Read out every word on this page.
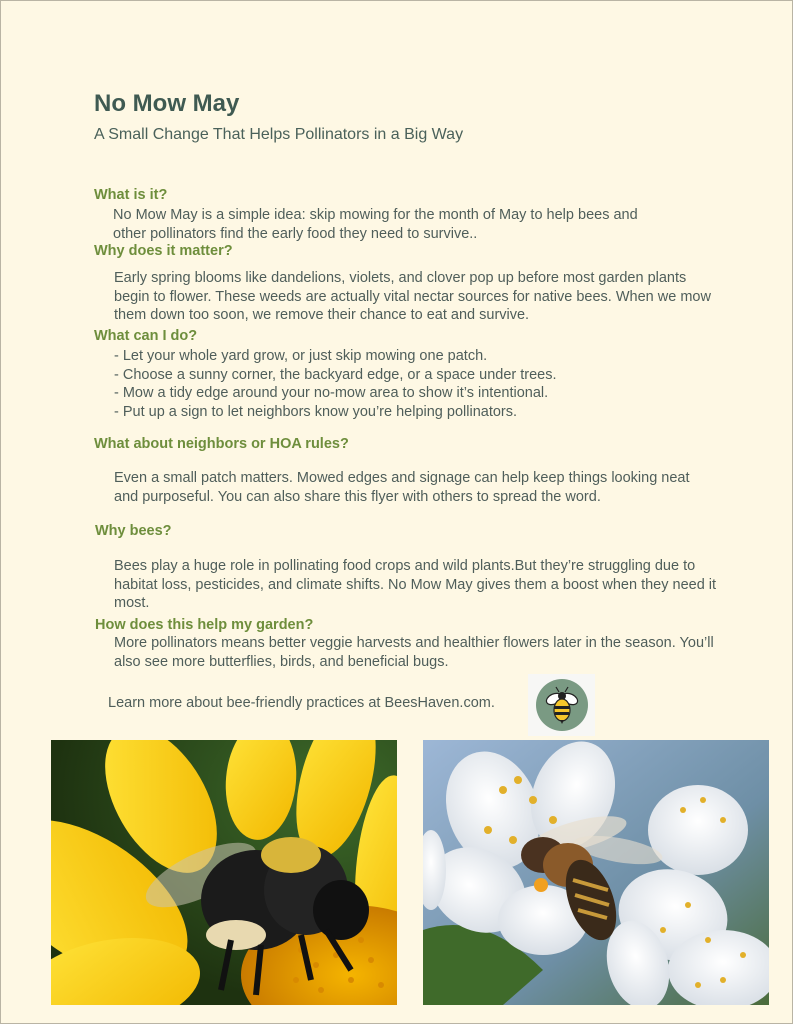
No Mow May

A Small Change That Helps Pollinators in a Big Way

What is it?
No Mow May is a simple idea: skip mowing for the month of May to help bees and
other pollinators find the early food they need to survive..
Why does it matter?
Early spring blooms like dandelions, violets, and clover pop up before most garden plants
begin to flower. These weeds are actually vital nectar sources for native bees. When we mow
them down too soon, we remove their chance to eat and survive.
What can I do?
- Let your whole yard grow, or just skip mowing one patch.
- Choose a sunny corner, the backyard edge, or a space under trees.
- Mow a tidy edge around your no-mow area to show it’s intentional.
- Put up a sign to let neighbors know you’re helping pollinators.
What about neighbors or HOA rules?
Even a small patch matters. Mowed edges and signage can help keep things looking neat
and purposeful. You can also share this flyer with others to spread the word.
Why bees?
Bees play a huge role in pollinating food crops and wild plants.But they’re struggling due to
habitat loss, pesticides, and climate shifts. No Mow May gives them a boost when they need it
most.
How does this help my garden?
More pollinators means better veggie harvests and healthier flowers later in the season. You’ll
also see more butterflies, birds, and beneficial bugs.

Learn more about bee-friendly practices at BeesHaven.com.
